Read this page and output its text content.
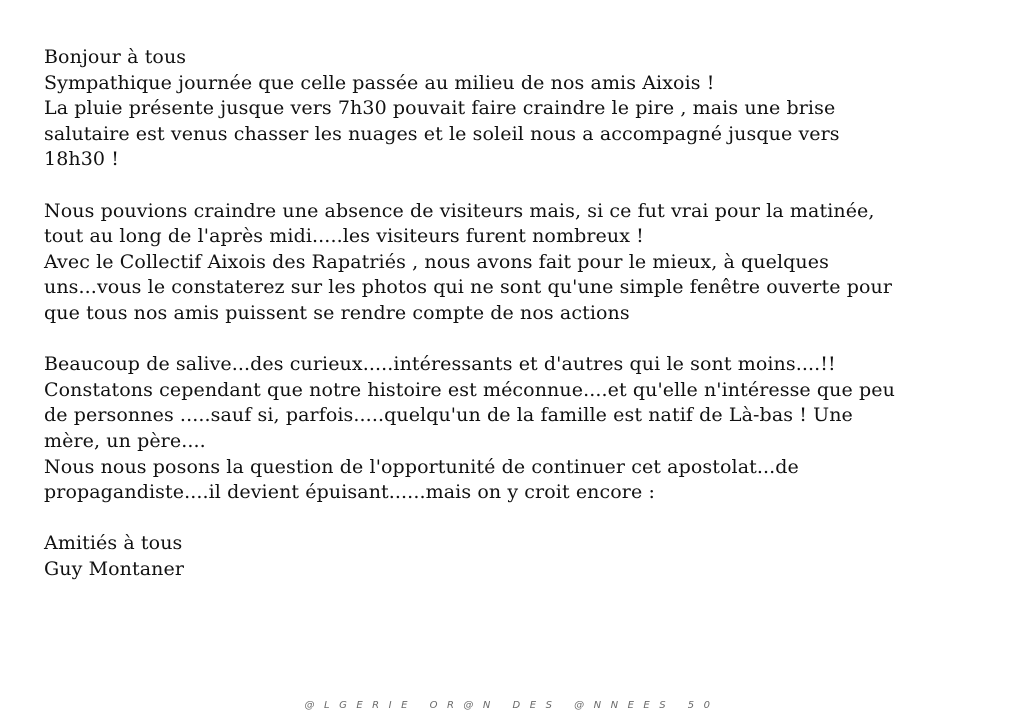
Bonjour à tous
Sympathique journée que celle passée au milieu de nos amis Aixois !
La pluie présente jusque vers 7h30 pouvait faire craindre le pire , mais une brise
salutaire est venus chasser les nuages et le soleil nous a accompagné jusque vers
18h30 !

Nous pouvions craindre une absence de visiteurs mais, si ce fut vrai pour la matinée,
tout au long de l'après midi.....les visiteurs furent nombreux !
Avec le Collectif Aixois des Rapatriés , nous avons fait pour le mieux, à quelques
uns...vous le constaterez sur les photos qui ne sont qu'une simple fenêtre ouverte pour
que tous nos amis puissent se rendre compte de nos actions

Beaucoup de salive...des curieux.....intéressants et d'autres qui le sont moins....!!
Constatons cependant que notre histoire est méconnue....et qu'elle n'intéresse que peu
de personnes .....sauf si, parfois.....quelqu'un de la famille est natif de Là-bas ! Une
mère, un père....
Nous nous posons la question de l'opportunité de continuer cet apostolat...de
propagandiste....il devient épuisant......mais on y croit encore :

Amitiés à tous
Guy Montaner

@LGERIE OR@N DES @NNEES 50
